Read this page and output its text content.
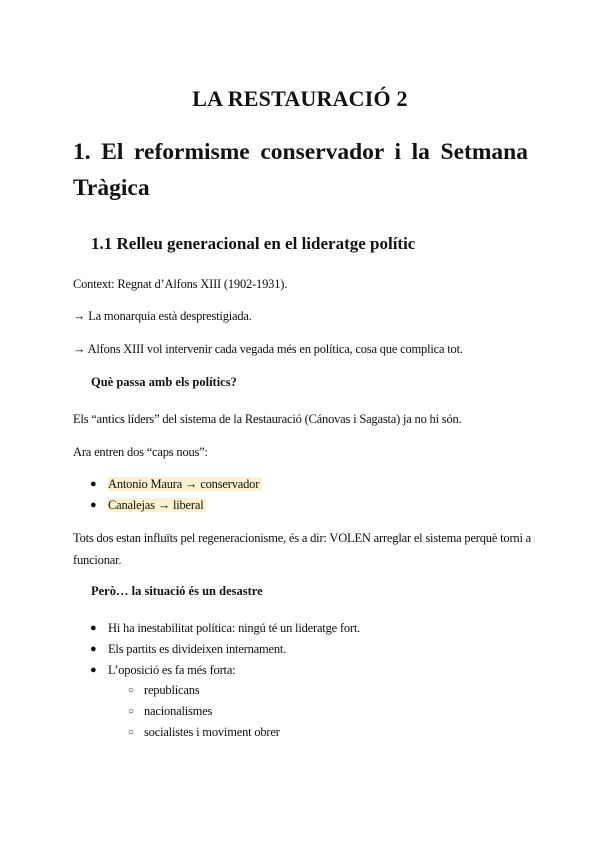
LA RESTAURACIÓ 2
1. El reformisme conservador i la Setmana Tràgica
1.1 Relleu generacional en el lideratge polític
Context: Regnat d’Alfons XIII (1902-1931).
→ La monarquia està desprestigiada.
→ Alfons XIII vol intervenir cada vegada més en política, cosa que complica tot.
Què passa amb els polítics?
Els “antics líders” del sistema de la Restauració (Cánovas i Sagasta) ja no hi són.
Ara entren dos “caps nous”:
● Antonio Maura → conservador
● Canalejas → liberal
Tots dos estan influïts pel regeneracionisme, és a dir: VOLEN arreglar el sistema perquè torni a funcionar.
Però… la situació és un desastre
● Hi ha inestabilitat política: ningú té un lideratge fort.
● Els partits es divideixen internament.
● L’oposició es fa més forta:
○ republicans
○ nacionalismes
○ socialistes i moviment obrer
